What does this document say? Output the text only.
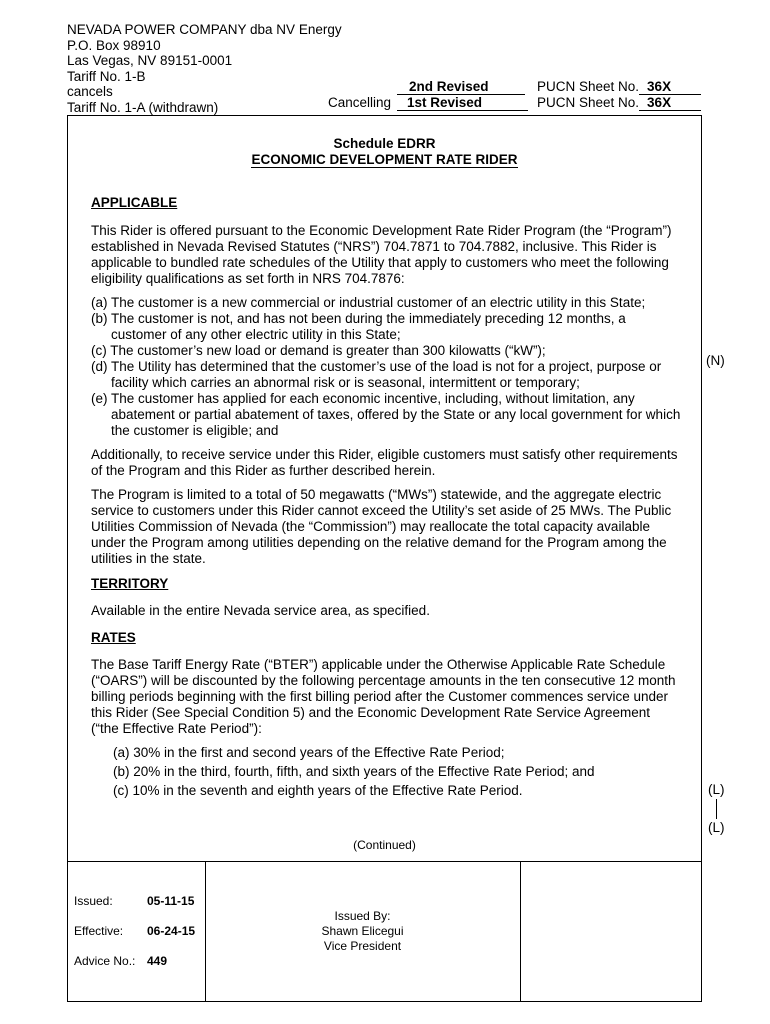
NEVADA POWER COMPANY dba NV Energy
P.O. Box 98910
Las Vegas, NV 89151-0001
Tariff No. 1-B
cancels
Tariff No. 1-A (withdrawn)
2nd Revised
Cancelling	1st Revised
PUCN Sheet No. 36X
PUCN Sheet No. 36X
Schedule EDRR
ECONOMIC DEVELOPMENT RATE RIDER

APPLICABLE

This Rider is offered pursuant to the Economic Development Rate Rider Program (the “Program”) established in Nevada Revised Statutes (“NRS”) 704.7871 to 704.7882, inclusive. This Rider is applicable to bundled rate schedules of the Utility that apply to customers who meet the following eligibility qualifications as set forth in NRS 704.7876:

(a) The customer is a new commercial or industrial customer of an electric utility in this State;

(b) The customer is not, and has not been during the immediately preceding 12 months, a customer of any other electric utility in this State;

(c) The customer’s new load or demand is greater than 300 kilowatts (“kW”);

(d) The Utility has determined that the customer’s use of the load is not for a project, purpose or facility which carries an abnormal risk or is seasonal, intermittent or temporary;

(e) The customer has applied for each economic incentive, including, without limitation, any abatement or partial abatement of taxes, offered by the State or any local government for which the customer is eligible; and

Additionally, to receive service under this Rider, eligible customers must satisfy other requirements of the Program and this Rider as further described herein.

The Program is limited to a total of 50 megawatts (“MWs”) statewide, and the aggregate electric service to customers under this Rider cannot exceed the Utility’s set aside of 25 MWs. The Public Utilities Commission of Nevada (the “Commission”) may reallocate the total capacity available under the Program among utilities depending on the relative demand for the Program among the utilities in the state.

TERRITORY

Available in the entire Nevada service area, as specified.

RATES

The Base Tariff Energy Rate (“BTER”) applicable under the Otherwise Applicable Rate Schedule (“OARS”) will be discounted by the following percentage amounts in the ten consecutive 12 month billing periods beginning with the first billing period after the Customer commences service under this Rider (See Special Condition 5) and the Economic Development Rate Service Agreement (“the Effective Rate Period”):

(a) 30% in the first and second years of the Effective Rate Period;

(b) 20% in the third, fourth, fifth, and sixth years of the Effective Rate Period; and

(c) 10% in the seventh and eighth years of the Effective Rate Period.

(Continued)
(N)
(L)
(L)
Issued:	05-11-15
Effective: 06-24-15
Advice No.: 449
Issued By:
Shawn Elicegui
Vice President
